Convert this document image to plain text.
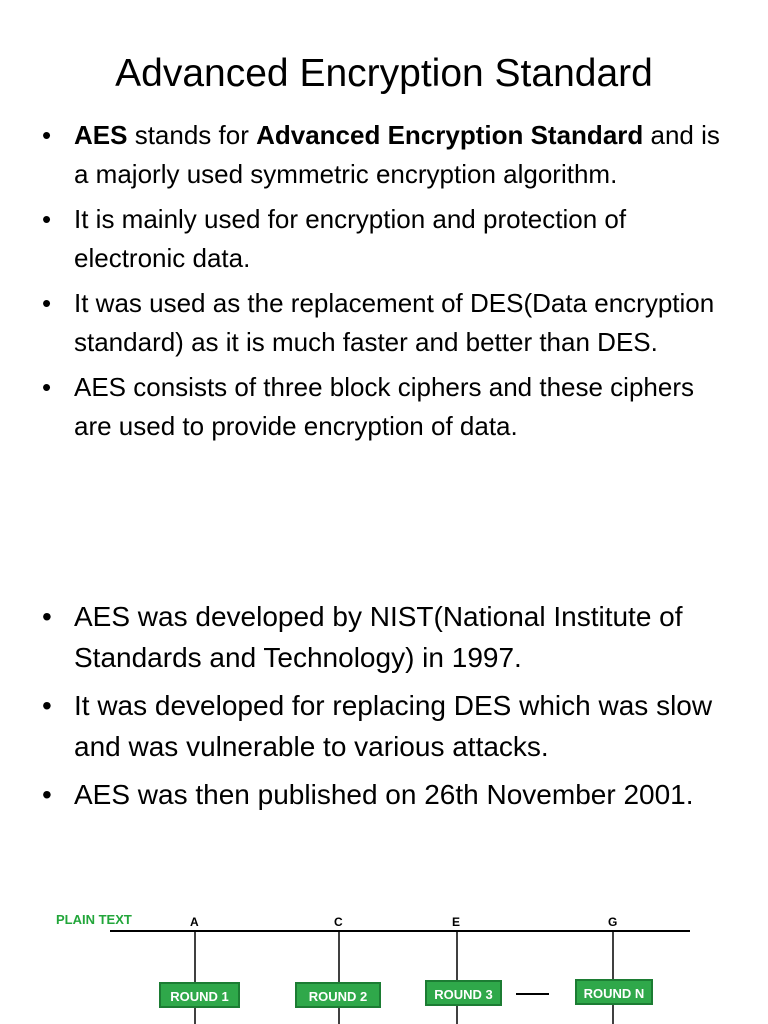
Advanced Encryption Standard
• AES stands for Advanced Encryption Standard and is a majorly used symmetric encryption algorithm.
• It is mainly used for encryption and protection of electronic data.
• It was used as the replacement of DES(Data encryption standard) as it is much faster and better than DES.
• AES consists of three block ciphers and these ciphers are used to provide encryption of data.
• AES was developed by NIST(National Institute of Standards and Technology) in 1997.
• It was developed for replacing DES which was slow and was vulnerable to various attacks.
• AES was then published on 26th November 2001.
PLAIN TEXT	A	C	E	G
ROUND 1	ROUND 2	ROUND 3	ROUND N
